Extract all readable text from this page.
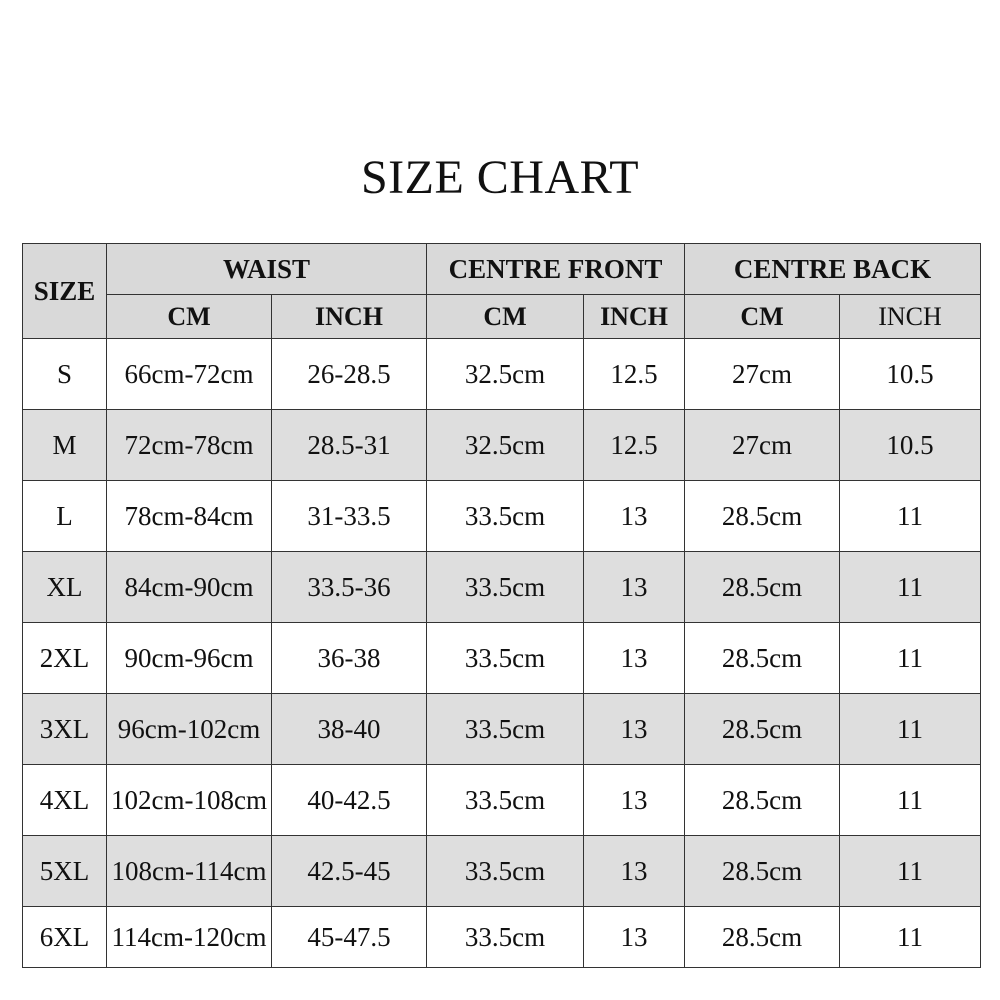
SIZE CHART
SIZE	WAIST		CENTRE FRONT		CENTRE BACK	
	CM	INCH	CM	INCH	CM	INCH
S	66cm-72cm	26-28.5	32.5cm	12.5	27cm	10.5
M	72cm-78cm	28.5-31	32.5cm	12.5	27cm	10.5
L	78cm-84cm	31-33.5	33.5cm	13	28.5cm	11
XL	84cm-90cm	33.5-36	33.5cm	13	28.5cm	11
2XL	90cm-96cm	36-38	33.5cm	13	28.5cm	11
3XL	96cm-102cm	38-40	33.5cm	13	28.5cm	11
4XL	102cm-108cm	40-42.5	33.5cm	13	28.5cm	11
5XL	108cm-114cm	42.5-45	33.5cm	13	28.5cm	11
6XL	114cm-120cm	45-47.5	33.5cm	13	28.5cm	11
